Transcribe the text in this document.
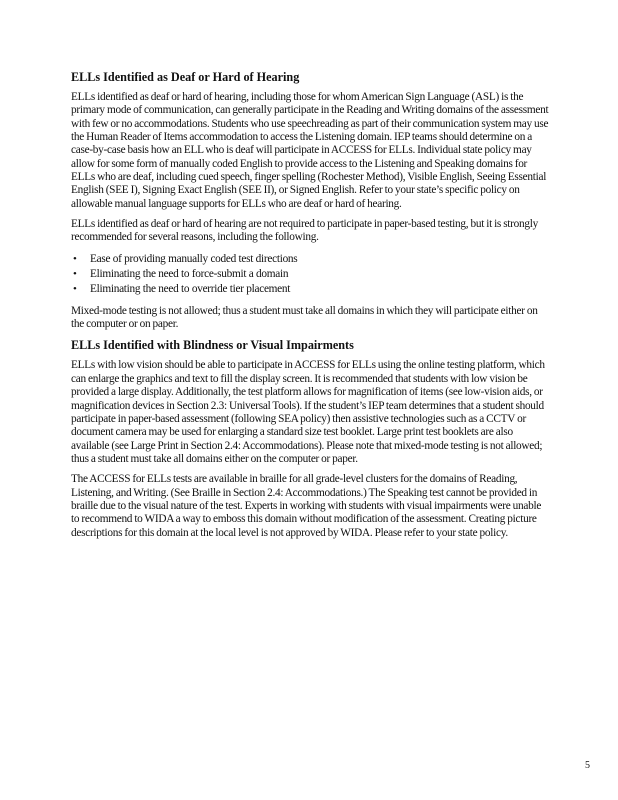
ELLs Identified as Deaf or Hard of Hearing

ELLs identified as deaf or hard of hearing, including those for whom American Sign Language (ASL) is the primary mode of communication, can generally participate in the Reading and Writing domains of the assessment with few or no accommodations. Students who use speechreading as part of their communication system may use the Human Reader of Items accommodation to access the Listening domain. IEP teams should determine on a case-by-case basis how an ELL who is deaf will participate in ACCESS for ELLs. Individual state policy may allow for some form of manually coded English to provide access to the Listening and Speaking domains for ELLs who are deaf, including cued speech, finger spelling (Rochester Method), Visible English, Seeing Essential English (SEE I), Signing Exact English (SEE II), or Signed English. Refer to your state’s specific policy on allowable manual language supports for ELLs who are deaf or hard of hearing.

ELLs identified as deaf or hard of hearing are not required to participate in paper-based testing, but it is strongly recommended for several reasons, including the following.

• Ease of providing manually coded test directions
• Eliminating the need to force-submit a domain
• Eliminating the need to override tier placement

Mixed-mode testing is not allowed; thus a student must take all domains in which they will participate either on the computer or on paper.

ELLs Identified with Blindness or Visual Impairments

ELLs with low vision should be able to participate in ACCESS for ELLs using the online testing platform, which can enlarge the graphics and text to fill the display screen. It is recommended that students with low vision be provided a large display. Additionally, the test platform allows for magnification of items (see low-vision aids, or magnification devices in Section 2.3: Universal Tools). If the student’s IEP team determines that a student should participate in paper-based assessment (following SEA policy) then assistive technologies such as a CCTV or document camera may be used for enlarging a standard size test booklet. Large print test booklets are also available (see Large Print in Section 2.4: Accommodations). Please note that mixed-mode testing is not allowed; thus a student must take all domains either on the computer or paper.

The ACCESS for ELLs tests are available in braille for all grade-level clusters for the domains of Reading, Listening, and Writing. (See Braille in Section 2.4: Accommodations.) The Speaking test cannot be provided in braille due to the visual nature of the test. Experts in working with students with visual impairments were unable to recommend to WIDA a way to emboss this domain without modification of the assessment. Creating picture descriptions for this domain at the local level is not approved by WIDA. Please refer to your state policy.

5
